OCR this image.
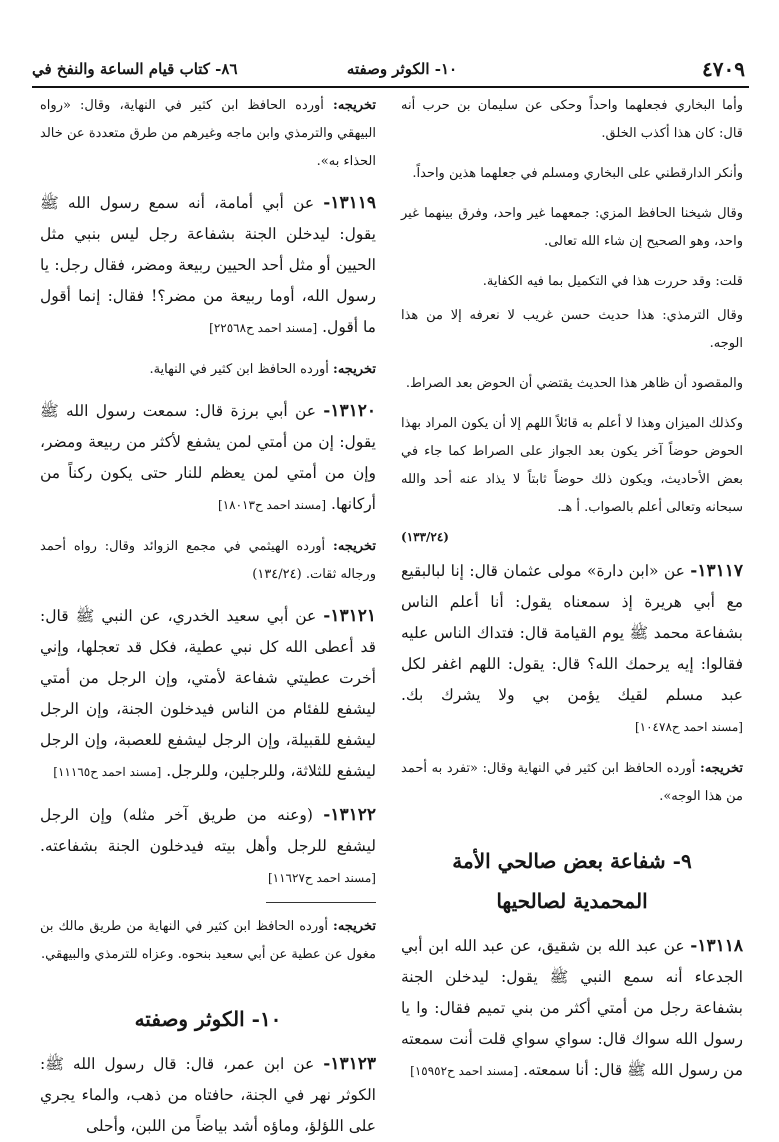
٤٧٠٩
١٠- الكوثر وصفته
٨٦- كتاب قيام الساعة والنفخ في

وأما البخاري فجعلهما واحداً وحكى عن سليمان بن حرب أنه قال: كان هذا أكذب الخلق.

وأنكر الدارقطني على البخاري ومسلم في جعلهما هذين واحداً.

وقال شيخنا الحافظ المزي: جمعهما غير واحد، وفرق بينهما غير واحد، وهو الصحيح إن شاء الله تعالى.

قلت: وقد حررت هذا في التكميل بما فيه الكفاية.

وقال الترمذي: هذا حديث حسن غريب لا نعرفه إلا من هذا الوجه.

والمقصود أن ظاهر هذا الحديث يقتضي أن الحوض بعد الصراط.

وكذلك الميزان وهذا لا أعلم به قائلاً اللهم إلا أن يكون المراد بهذا الحوض حوضاً آخر يكون بعد الجواز على الصراط كما جاء في بعض الأحاديث، ويكون ذلك حوضاً ثابتاً لا يذاد عنه أحد والله سبحانه وتعالى أعلم بالصواب. أ هـ.

(١٣٣/٢٤)

١٣١١٧- عن «ابن دارة» مولى عثمان قال: إنا لبالبقيع مع أبي هريرة إذ سمعناه يقول: أنا أعلم الناس بشفاعة محمد ﷺ يوم القيامة قال: فتداك الناس عليه فقالوا: إيه يرحمك الله؟ قال: يقول: اللهم اغفر لكل عبد مسلم لقيك يؤمن بي ولا يشرك بك. [مسند احمد ح١٠٤٧٨]

تخريجه: أورده الحافظ ابن كثير في النهاية وقال: «تفرد به أحمد من هذا الوجه».

٩- شفاعة بعض صالحي الأمة
المحمدية لصالحيها

١٣١١٨- عن عبد الله بن شقيق، عن عبد الله ابن أبي الجدعاء أنه سمع النبي ﷺ يقول: ليدخلن الجنة بشفاعة رجل من أمتي أكثر من بني تميم فقال: وا يا رسول الله سواك قال: سواي سواي قلت أنت سمعته من رسول الله ﷺ قال: أنا سمعته. [مسند احمد ح١٥٩٥٢]

تخريجه: أورده الحافظ ابن كثير في النهاية، وقال: «رواه البيهقي والترمذي وابن ماجه وغيرهم من طرق متعددة عن خالد الحذاء به».

١٣١١٩- عن أبي أمامة، أنه سمع رسول الله ﷺ يقول: ليدخلن الجنة بشفاعة رجل ليس بنبي مثل الحيين أو مثل أحد الحيين ربيعة ومضر، فقال رجل: يا رسول الله، أوما ربيعة من مضر؟! فقال: إنما أقول ما أقول. [مسند احمد ح٢٢٥٦٨]

تخريجه: أورده الحافظ ابن كثير في النهاية.

١٣١٢٠- عن أبي برزة قال: سمعت رسول الله ﷺ يقول: إن من أمتي لمن يشفع لأكثر من ربيعة ومضر، وإن من أمتي لمن يعظم للنار حتى يكون ركناً من أركانها. [مسند احمد ح١٨٠١٣]

تخريجه: أورده الهيثمي في مجمع الزوائد وقال: رواه أحمد ورجاله ثقات. (١٣٤/٢٤)

١٣١٢١- عن أبي سعيد الخدري، عن النبي ﷺ قال: قد أعطى الله كل نبي عطية، فكل قد تعجلها، وإني أخرت عطيتي شفاعة لأمتي، وإن الرجل من أمتي ليشفع للفئام من الناس فيدخلون الجنة، وإن الرجل ليشفع للقبيلة، وإن الرجل ليشفع للعصبة، وإن الرجل ليشفع للثلاثة، وللرجلين، وللرجل. [مسند احمد ح١١١٦٥]

١٣١٢٢- (وعنه من طريق آخر مثله) وإن الرجل ليشفع للرجل وأهل بيته فيدخلون الجنة بشفاعته. [مسند احمد ح١١٦٢٧]

تخريجه: أورده الحافظ ابن كثير في النهاية من طريق مالك بن مغول عن عطية عن أبي سعيد بنحوه. وعزاه للترمذي والبيهقي.

١٠- الكوثر وصفته

١٣١٢٣- عن ابن عمر، قال: قال رسول الله ﷺ: الكوثر نهر في الجنة، حافتاه من ذهب، والماء يجري على اللؤلؤ، وماؤه أشد بياضاً من اللبن، وأحلى
